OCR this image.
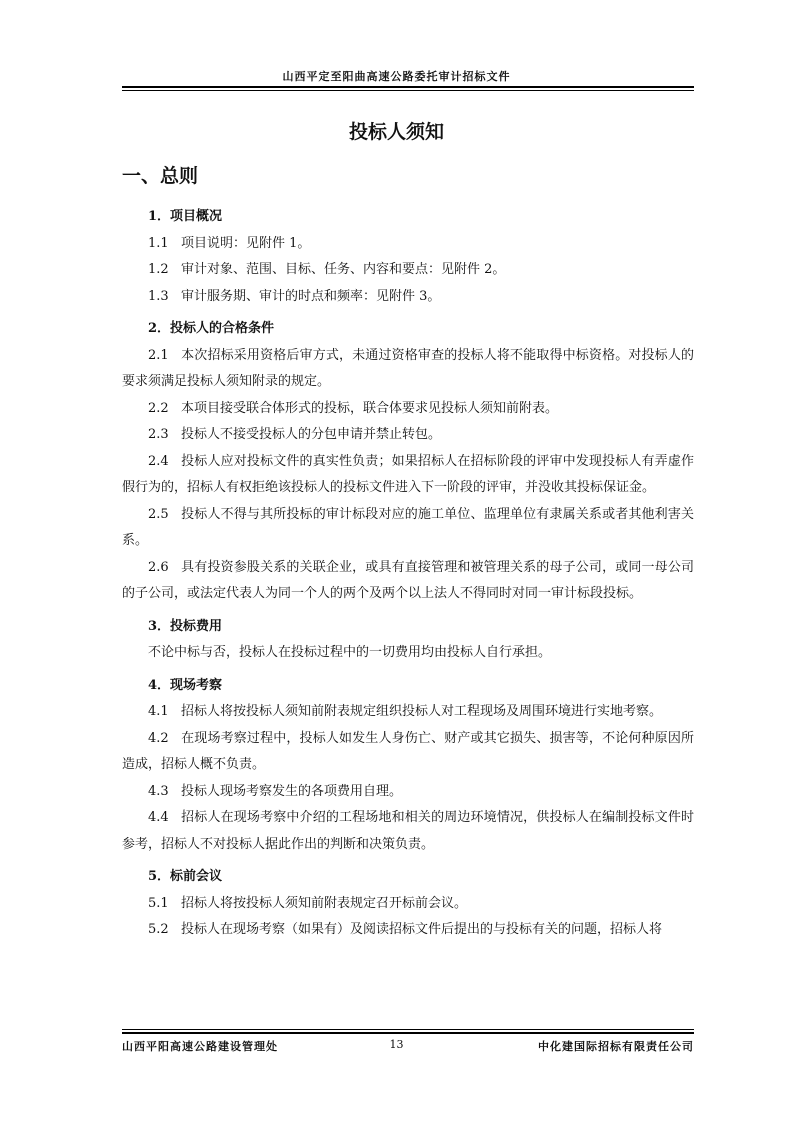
山西平定至阳曲高速公路委托审计招标文件
投标人须知
一、总则
1．项目概况

1.1 项目说明：见附件 1。

1.2 审计对象、范围、目标、任务、内容和要点：见附件 2。

1.3 审计服务期、审计的时点和频率：见附件 3。

2．投标人的合格条件

2.1 本次招标采用资格后审方式，未通过资格审查的投标人将不能取得中标资格。对投标人的要求须满足投标人须知附录的规定。

2.2 本项目接受联合体形式的投标，联合体要求见投标人须知前附表。

2.3 投标人不接受投标人的分包申请并禁止转包。

2.4 投标人应对投标文件的真实性负责；如果招标人在招标阶段的评审中发现投标人有弄虚作假行为的，招标人有权拒绝该投标人的投标文件进入下一阶段的评审，并没收其投标保证金。

2.5 投标人不得与其所投标的审计标段对应的施工单位、监理单位有隶属关系或者其他利害关系。

2.6 具有投资参股关系的关联企业，或具有直接管理和被管理关系的母子公司，或同一母公司的子公司，或法定代表人为同一个人的两个及两个以上法人不得同时对同一审计标段投标。

3．投标费用

不论中标与否，投标人在投标过程中的一切费用均由投标人自行承担。

4．现场考察

4.1 招标人将按投标人须知前附表规定组织投标人对工程现场及周围环境进行实地考察。

4.2 在现场考察过程中，投标人如发生人身伤亡、财产或其它损失、损害等，不论何种原因所造成，招标人概不负责。

4.3 投标人现场考察发生的各项费用自理。

4.4 招标人在现场考察中介绍的工程场地和相关的周边环境情况，供投标人在编制投标文件时参考，招标人不对投标人据此作出的判断和决策负责。

5．标前会议

5.1 招标人将按投标人须知前附表规定召开标前会议。

5.2 投标人在现场考察（如果有）及阅读招标文件后提出的与投标有关的问题，招标人将

山西平阳高速公路建设管理处	13	中化建国际招标有限责任公司
